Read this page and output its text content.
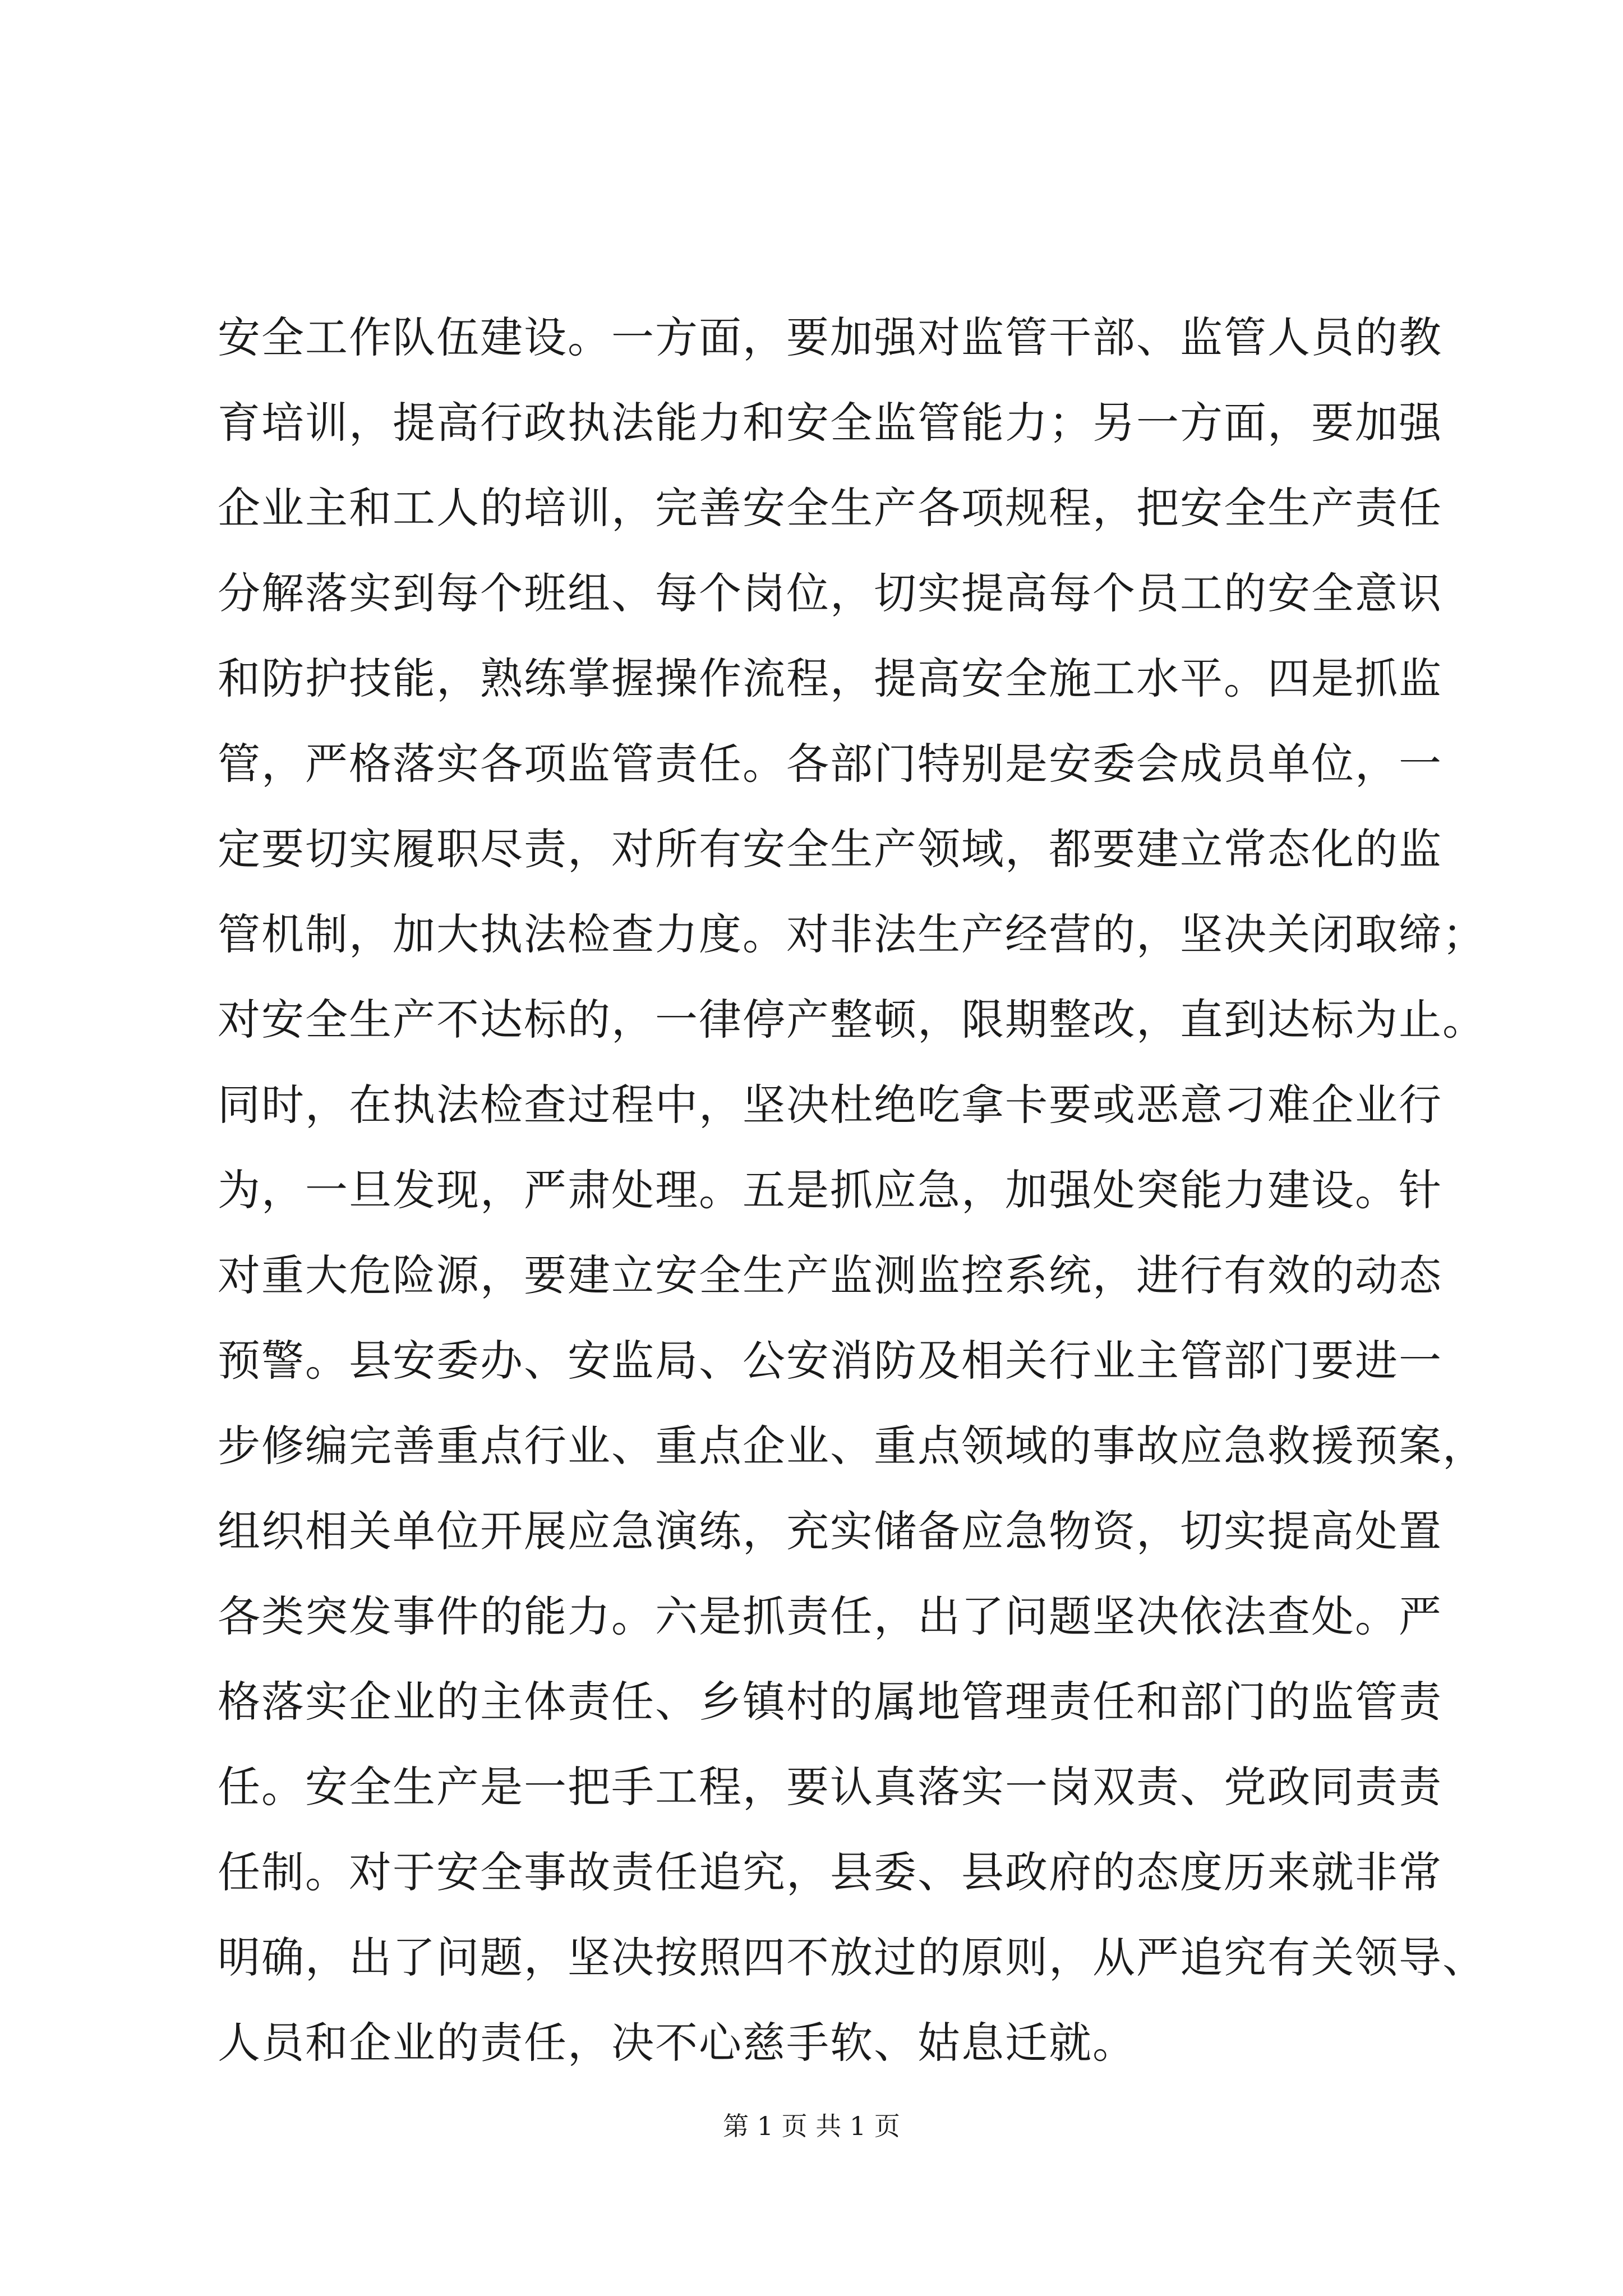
安全工作队伍建设。一方面，要加强对监管干部、监管人员的教
育培训，提高行政执法能力和安全监管能力；另一方面，要加强
企业主和工人的培训，完善安全生产各项规程，把安全生产责任
分解落实到每个班组、每个岗位，切实提高每个员工的安全意识
和防护技能，熟练掌握操作流程，提高安全施工水平。四是抓监
管，严格落实各项监管责任。各部门特别是安委会成员单位，一
定要切实履职尽责，对所有安全生产领域，都要建立常态化的监
管机制，加大执法检查力度。对非法生产经营的，坚决关闭取缔；
对安全生产不达标的，一律停产整顿，限期整改，直到达标为止。
同时，在执法检查过程中，坚决杜绝吃拿卡要或恶意刁难企业行
为，一旦发现，严肃处理。五是抓应急，加强处突能力建设。针
对重大危险源，要建立安全生产监测监控系统，进行有效的动态
预警。县安委办、安监局、公安消防及相关行业主管部门要进一
步修编完善重点行业、重点企业、重点领域的事故应急救援预案，
组织相关单位开展应急演练，充实储备应急物资，切实提高处置
各类突发事件的能力。六是抓责任，出了问题坚决依法查处。严
格落实企业的主体责任、乡镇村的属地管理责任和部门的监管责
任。安全生产是一把手工程，要认真落实一岗双责、党政同责责
任制。对于安全事故责任追究，县委、县政府的态度历来就非常
明确，出了问题，坚决按照四不放过的原则，从严追究有关领导、
人员和企业的责任，决不心慈手软、姑息迁就。
第 1 页 共 1 页
